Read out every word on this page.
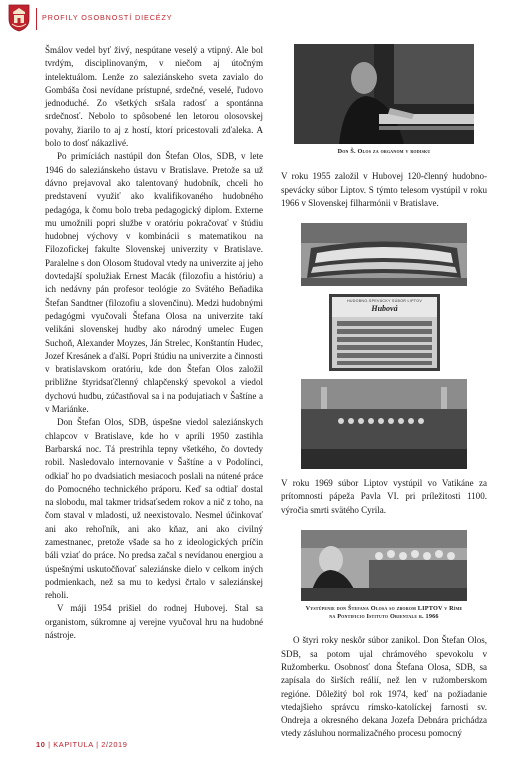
PROFILY OSOBNOSTÍ DIECÉZY

Šmálov vedel byť živý, nespútane veselý a vtipný. Ale bol tvrdým, disciplinovaným, v niečom aj útočným intelektuálom. Lenže zo saleziánskeho sveta zavialo do Gombáša čosi nevídane prístupné, srdečné, veselé, ľudovo jednoduché. Zo všetkých sršala radosť a spontánna srdečnosť. Nebolo to spôsobené len letorou olosovskej povahy, žiarilo to aj z hostí, ktorí pricestovali zďaleka. A bolo to dosť nákazlivé.

Po primíciách nastúpil don Štefan Olos, SDB, v lete 1946 do saleziánskeho ústavu v Bratislave. Pretože sa už dávno prejavoval ako talentovaný hudobník, chceli ho predstavení využiť ako kvalifikovaného hudobného pedagóga, k čomu bolo treba pedagogický diplom. Externe mu umožnili popri službe v oratóriu pokračovať v štúdiu hudobnej výchovy v kombinácii s matematikou na Filozofickej fakulte Slovenskej univerzity v Bratislave. Paralelne s don Olosom študoval vtedy na univerzite aj jeho dovtedajší spolužiak Ernest Macák (filozofiu a históriu) a ich nedávny pán profesor teológie zo Svätého Beňadika Štefan Sandtner (filozofiu a slovenčinu). Medzi hudobnými pedagógmi vyučovali Štefana Olosa na univerzite takí velikáni slovenskej hudby ako národný umelec Eugen Suchoň, Alexander Moyzes, Ján Strelec, Konštantín Hudec, Jozef Kresánek a ďalší. Popri štúdiu na univerzite a činnosti v bratislavskom oratóriu, kde don Štefan Olos založil približne štyridsaťčlenný chlapčenský spevokol a viedol dychovú hudbu, zúčastňoval sa i na podujatiach v Šaštíne a v Mariánke.

Don Štefan Olos, SDB, úspešne viedol saleziánskych chlapcov v Bratislave, kde ho v apríli 1950 zastihla Barbarská noc. Tá prestrihla tepny všetkého, čo dovtedy robil. Nasledovalo internovanie v Šaštíne a v Podolínci, odkiaľ ho po dvadsiatich mesiacoch poslali na nútené práce do Pomocného technického práporu. Keď sa odtiaľ dostal na slobodu, mal takmer tridsaťsedem rokov a nič z toho, na čom staval v mladosti, už neexistovalo. Nesmel účinkovať ani ako rehoľník, ani ako kňaz, ani ako civilný zamestnanec, pretože všade sa ho z ideologických príčin báli vziať do práce. No predsa začal s nevídanou energiou a úspešnými uskutočňovať saleziánske dielo v celkom iných podmienkach, než sa mu to kedysi črtalo v saleziánskej reholi.

V máji 1954 prišiel do rodnej Hubovej. Stal sa organistom, súkromne aj verejne vyučoval hru na hudobné nástroje.

Don Š. Olos za organom v rodisku

V roku 1955 založil v Hubovej 120-členný hudobno-spevácky súbor Liptov. S týmto telesom vystúpil v roku 1966 v Slovenskej filharmónii v Bratislave.

HUDOBNO-SPEVÁCKY SÚBOR LIPTOV
Hubová

V roku 1969 súbor Liptov vystúpil vo Vatikáne za prítomnosti pápeža Pavla VI. pri príležitosti 1100. výročia smrti svätého Cyrila.

Vystúpenie don Štefana Olosa so zborom LIPTOV v Ríme
na Pontificio Istituto Orientale r. 1966

O štyri roky neskôr súbor zanikol. Don Štefan Olos, SDB, sa potom ujal chrámového spevokolu v Ružomberku. Osobnosť dona Štefana Olosa, SDB, sa zapísala do širších reálií, než len v ružomberskom regióne. Dôležitý bol rok 1974, keď na požiadanie vtedajšieho správcu rímsko-katolíckej farnosti sv. Ondreja a okresného dekana Jozefa Debnára prichádza vtedy zásluhou normalizačného procesu pomocný

10 | KAPITULA | 2/2019
